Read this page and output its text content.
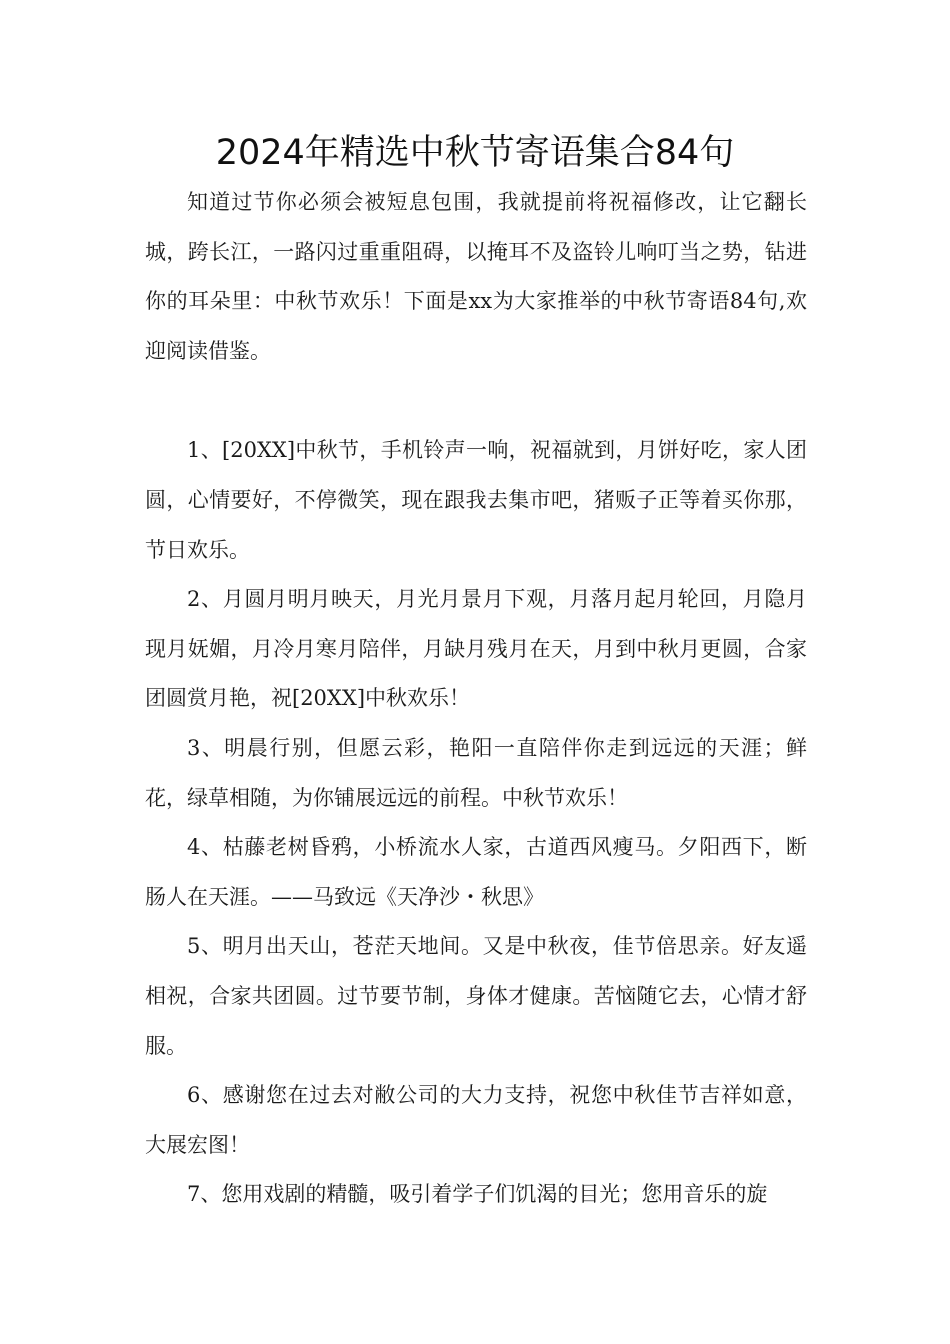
2024年精选中秋节寄语集合84句

知道过节你必须会被短息包围，我就提前将祝福修改，让它翻长城，跨长江，一路闪过重重阻碍，以掩耳不及盗铃儿响叮当之势，钻进你的耳朵里：中秋节欢乐！下面是xx为大家推举的中秋节寄语84句,欢迎阅读借鉴。

1、[20XX]中秋节，手机铃声一响，祝福就到，月饼好吃，家人团圆，心情要好，不停微笑，现在跟我去集市吧，猪贩子正等着买你那，节日欢乐。

2、月圆月明月映天，月光月景月下观，月落月起月轮回，月隐月现月妩媚，月冷月寒月陪伴，月缺月残月在天，月到中秋月更圆，合家团圆赏月艳，祝[20XX]中秋欢乐！

3、明晨行别，但愿云彩，艳阳一直陪伴你走到远远的天涯；鲜花，绿草相随，为你铺展远远的前程。中秋节欢乐！

4、枯藤老树昏鸦，小桥流水人家，古道西风瘦马。夕阳西下，断肠人在天涯。——马致远《天净沙・秋思》

5、明月出天山，苍茫天地间。又是中秋夜，佳节倍思亲。好友遥相祝，合家共团圆。过节要节制，身体才健康。苦恼随它去，心情才舒服。

6、感谢您在过去对敝公司的大力支持，祝您中秋佳节吉祥如意，大展宏图！

7、您用戏剧的精髓，吸引着学子们饥渴的目光；您用音乐的旋
